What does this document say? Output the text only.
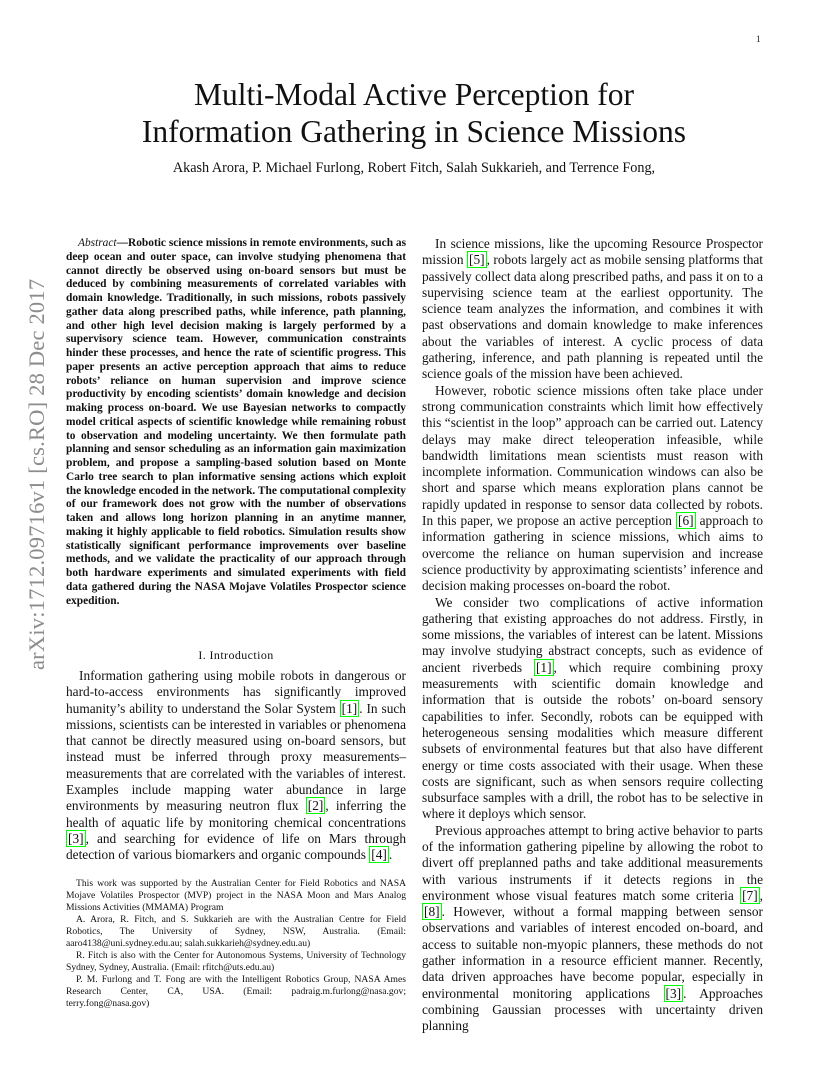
1
arXiv:1712.09716v1 [cs.RO] 28 Dec 2017
Multi-Modal Active Perception for
Information Gathering in Science Missions
Akash Arora, P. Michael Furlong, Robert Fitch, Salah Sukkarieh, and Terrence Fong,

Abstract—Robotic science missions in remote environments, such as deep ocean and outer space, can involve studying phenomena that cannot directly be observed using on-board sensors but must be deduced by combining measurements of correlated variables with domain knowledge. Traditionally, in such missions, robots passively gather data along prescribed paths, while inference, path planning, and other high level decision making is largely performed by a supervisory science team. However, communication constraints hinder these processes, and hence the rate of scientific progress. This paper presents an active perception approach that aims to reduce robots’ reliance on human supervision and improve science productivity by encoding scientists’ domain knowledge and decision making process on-board. We use Bayesian networks to compactly model critical aspects of scientific knowledge while remaining robust to observation and modeling uncertainty. We then formulate path planning and sensor scheduling as an information gain maximization problem, and propose a sampling-based solution based on Monte Carlo tree search to plan informative sensing actions which exploit the knowledge encoded in the network. The computational complexity of our framework does not grow with the number of observations taken and allows long horizon planning in an anytime manner, making it highly applicable to field robotics. Simulation results show statistically significant performance improvements over baseline methods, and we validate the practicality of our approach through both hardware experiments and simulated experiments with field data gathered during the NASA Mojave Volatiles Prospector science expedition.

I. Introduction

Information gathering using mobile robots in dangerous or hard-to-access environments has significantly improved humanity’s ability to understand the Solar System [1] . In such missions, scientists can be interested in variables or phenomena that cannot be directly measured using on-board sensors, but instead must be inferred through proxy measurements–measurements that are correlated with the variables of interest. Examples include mapping water abundance in large environments by measuring neutron flux [2] , inferring the health of aquatic life by monitoring chemical concentrations [3] , and searching for evidence of life on Mars through detection of various biomarkers and organic compounds [4] .

This work was supported by the Australian Center for Field Robotics and NASA Mojave Volatiles Prospector (MVP) project in the NASA Moon and Mars Analog Missions Activities (MMAMA) Program

A. Arora, R. Fitch, and S. Sukkarieh are with the Australian Centre for Field Robotics, The University of Sydney, NSW, Australia. (Email: aaro4138@uni.sydney.edu.au; salah.sukkarieh@sydney.edu.au)

R. Fitch is also with the Center for Autonomous Systems, University of Technology Sydney, Sydney, Australia. (Email: rfitch@uts.edu.au)

P. M. Furlong and T. Fong are with the Intelligent Robotics Group, NASA Ames Research Center, CA, USA. (Email: padraig.m.furlong@nasa.gov; terry.fong@nasa.gov)

In science missions, like the upcoming Resource Prospector mission [5] , robots largely act as mobile sensing platforms that passively collect data along prescribed paths, and pass it on to a supervising science team at the earliest opportunity. The science team analyzes the information, and combines it with past observations and domain knowledge to make inferences about the variables of interest. A cyclic process of data gathering, inference, and path planning is repeated until the science goals of the mission have been achieved.

However, robotic science missions often take place under strong communication constraints which limit how effectively this “scientist in the loop” approach can be carried out. Latency delays may make direct teleoperation infeasible, while bandwidth limitations mean scientists must reason with incomplete information. Communication windows can also be short and sparse which means exploration plans cannot be rapidly updated in response to sensor data collected by robots. In this paper, we propose an active perception [6] approach to information gathering in science missions, which aims to overcome the reliance on human supervision and increase science productivity by approximating scientists’ inference and decision making processes on-board the robot.

We consider two complications of active information gathering that existing approaches do not address. Firstly, in some missions, the variables of interest can be latent. Missions may involve studying abstract concepts, such as evidence of ancient riverbeds [1] , which require combining proxy measurements with scientific domain knowledge and information that is outside the robots’ on-board sensory capabilities to infer. Secondly, robots can be equipped with heterogeneous sensing modalities which measure different subsets of environmental features but that also have different energy or time costs associated with their usage. When these costs are significant, such as when sensors require collecting subsurface samples with a drill, the robot has to be selective in where it deploys which sensor.

Previous approaches attempt to bring active behavior to parts of the information gathering pipeline by allowing the robot to divert off preplanned paths and take additional measurements with various instruments if it detects regions in the environment whose visual features match some criteria [7] , [8] . However, without a formal mapping between sensor observations and variables of interest encoded on-board, and access to suitable non-myopic planners, these methods do not gather information in a resource efficient manner. Recently, data driven approaches have become popular, especially in environmental monitoring applications [3] . Approaches combining Gaussian processes with uncertainty driven planning
